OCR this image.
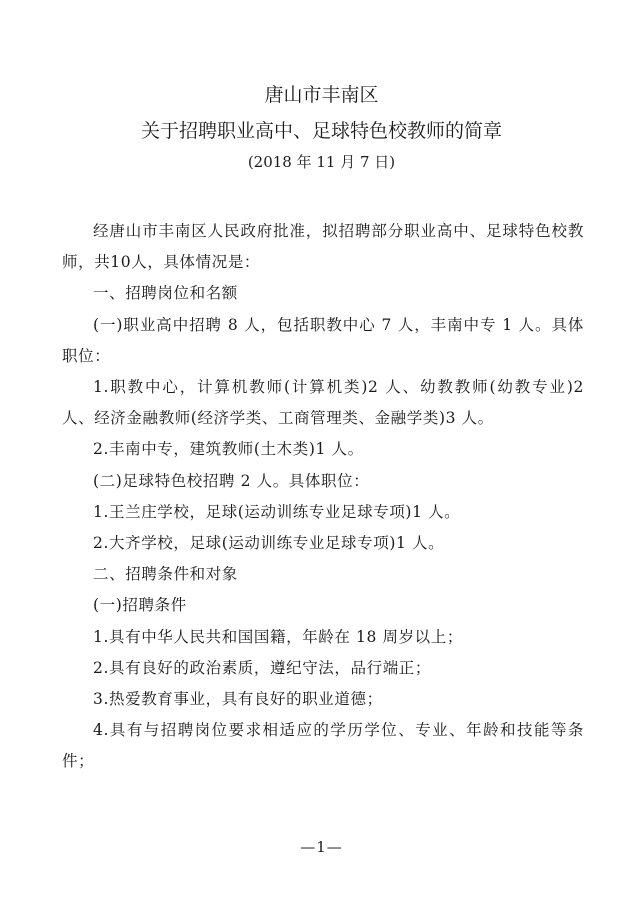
唐山市丰南区
关于招聘职业高中、足球特色校教师的简章
(2018 年 11 月 7 日)

经唐山市丰南区人民政府批准，拟招聘部分职业高中、足球特色校教师，共10人，具体情况是：

一、招聘岗位和名额

(一)职业高中招聘 8 人，包括职教中心 7 人，丰南中专 1 人。具体职位：

1.职教中心，计算机教师(计算机类)2 人、幼教教师(幼教专业)2 人、经济金融教师(经济学类、工商管理类、金融学类)3 人。

2.丰南中专，建筑教师(土木类)1 人。

(二)足球特色校招聘 2 人。具体职位：

1.王兰庄学校，足球(运动训练专业足球专项)1 人。

2.大齐学校，足球(运动训练专业足球专项)1 人。

二、招聘条件和对象

(一)招聘条件

1.具有中华人民共和国国籍，年龄在 18 周岁以上；

2.具有良好的政治素质，遵纪守法，品行端正；

3.热爱教育事业，具有良好的职业道德；

4.具有与招聘岗位要求相适应的学历学位、专业、年龄和技能等条件；

—1—
